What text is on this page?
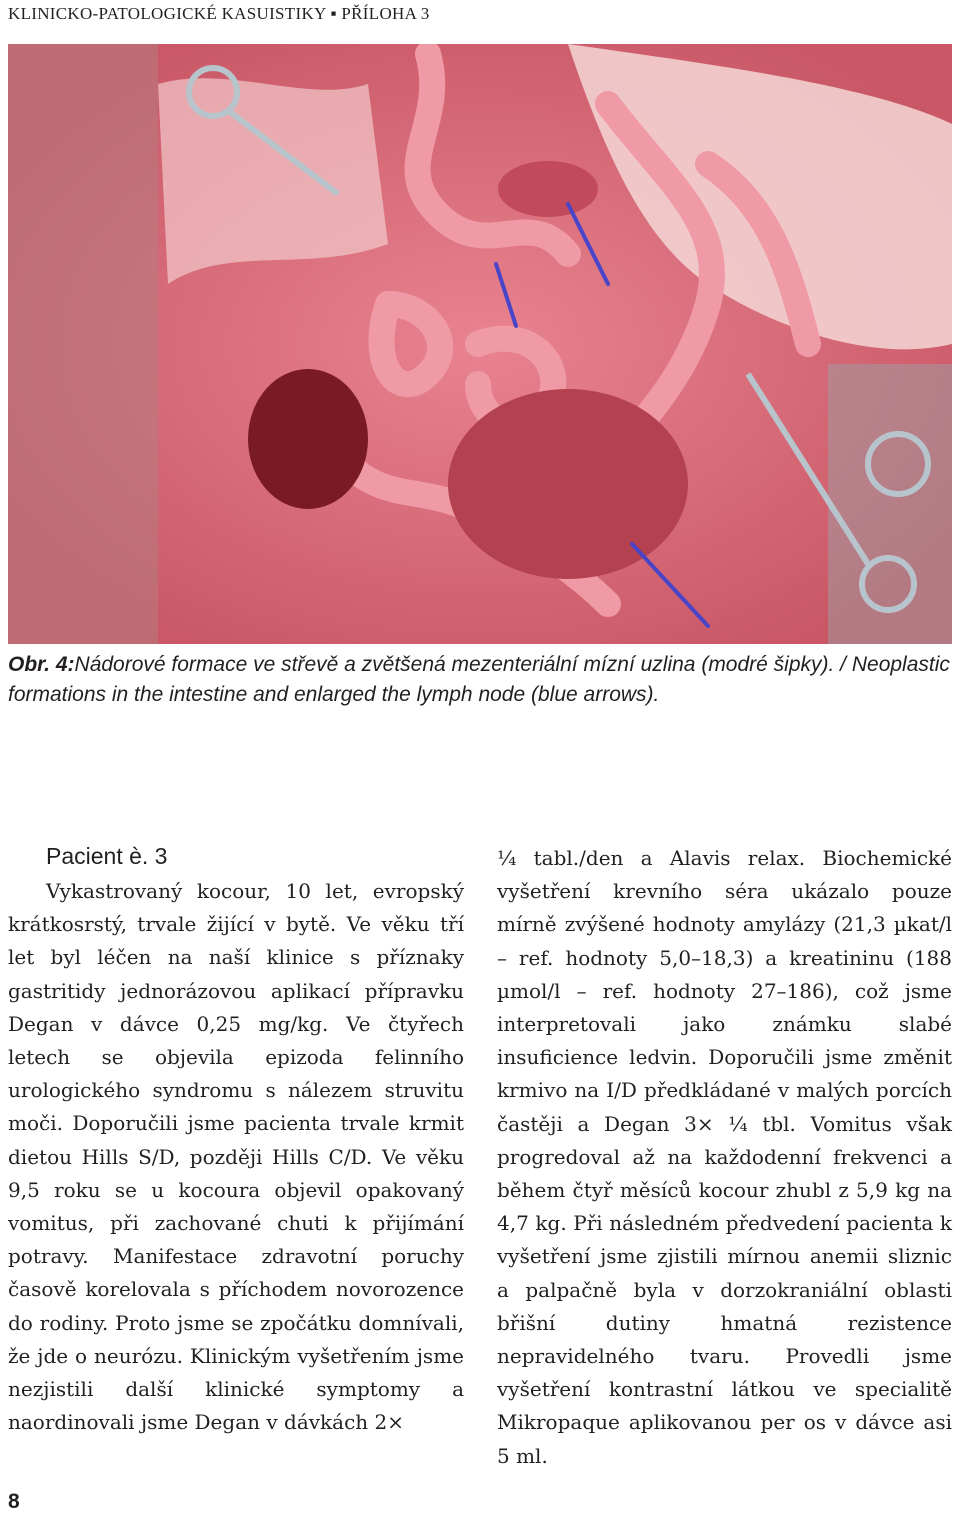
KLINICKO-PATOLOGICKÉ KASUISTIKY ▪ PŘÍLOHA 3
Obr. 4:Nádorové formace ve střevě a zvětšená mezenteriální mízní uzlina (modré šipky). / Neoplastic formations in the intestine and enlarged the lymph node (blue arrows).
Pacient è. 3

Vykastrovaný kocour, 10 let, evropský krátkosrstý, trvale žijící v bytě. Ve věku tří let byl léčen na naší klinice s příznaky gastritidy jednorázovou aplikací přípravku Degan v dávce 0,25 mg/kg. Ve čtyřech letech se objevila epizoda felinního urologického syndromu s nálezem struvitu moči. Doporučili jsme pacienta trvale krmit dietou Hills S/D, později Hills C/D. Ve věku 9,5 roku se u kocoura objevil opakovaný vomitus, při zachované chuti k přijímání potravy. Manifestace zdravotní poruchy časově korelovala s příchodem novorozence do rodiny. Proto jsme se zpočátku domnívali, že jde o neurózu. Klinickým vyšetřením jsme nezjistili další klinické symptomy a naordinovali jsme Degan v dávkách 2×

¼ tabl./den a Alavis relax. Biochemické vyšetření krevního séra ukázalo pouze mírně zvýšené hodnoty amylázy (21,3 µkat/l – ref. hodnoty 5,0–18,3) a kreatininu (188 µmol/l – ref. hodnoty 27–186), což jsme interpretovali jako známku slabé insuficience ledvin. Doporučili jsme změnit krmivo na I/D předkládané v malých porcích častěji a Degan 3× ¼ tbl. Vomitus však progredoval až na každodenní frekvenci a během čtyř měsíců kocour zhubl z 5,9 kg na 4,7 kg. Při následném předvedení pacienta k vyšetření jsme zjistili mírnou anemii sliznic a palpačně byla v dorzokraniální oblasti břišní dutiny hmatná rezistence nepravidelného tvaru. Provedli jsme vyšetření kontrastní látkou ve specialitě Mikropaque aplikovanou per os v dávce asi 5 ml.

8
